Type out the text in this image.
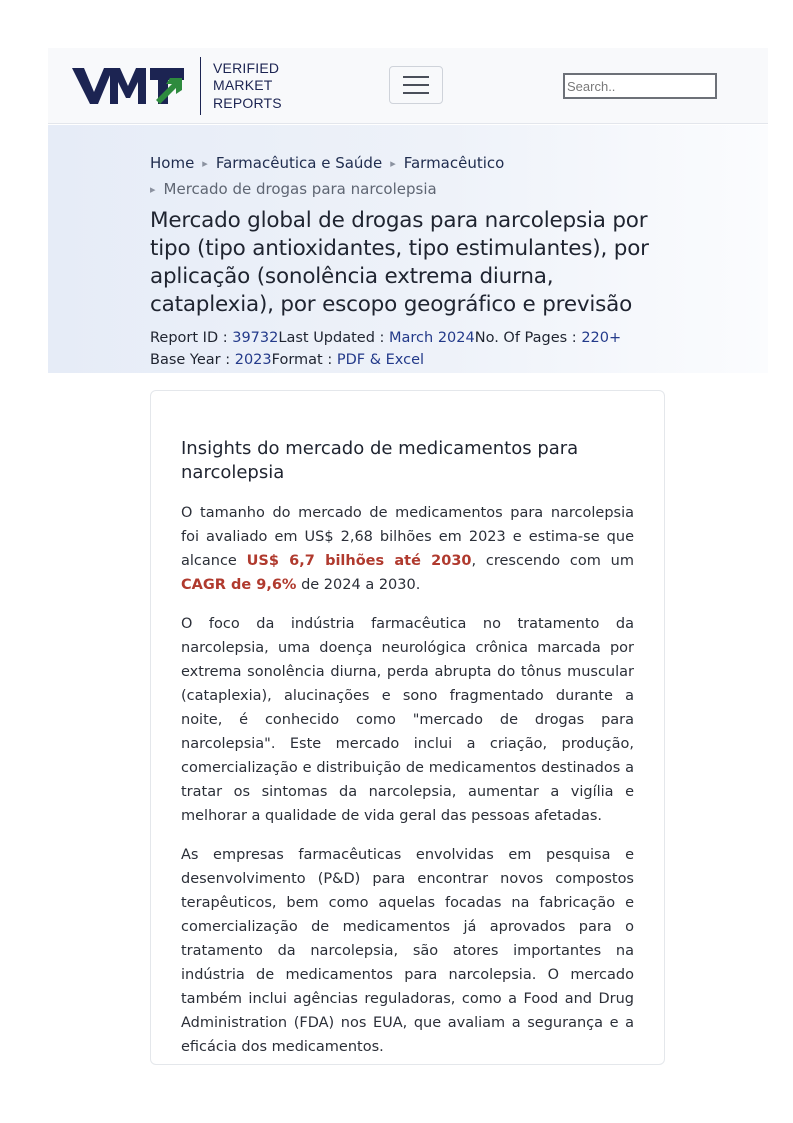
VERIFIED
MARKET
REPORTS
Search..
Home ▸ Farmacêutica e Saúde ▸ Farmacêutico
▸ Mercado de drogas para narcolepsia
Mercado global de drogas para narcolepsia por tipo (tipo antioxidantes, tipo estimulantes), por aplicação (sonolência extrema diurna, cataplexia), por escopo geográfico e previsão
Report ID : 39732Last Updated : March 2024No. Of Pages : 220+
Base Year : 2023Format : PDF & Excel
Insights do mercado de medicamentos para narcolepsia

O tamanho do mercado de medicamentos para narcolepsia foi avaliado em US$ 2,68 bilhões em 2023 e estima-se que alcance US$ 6,7 bilhões até 2030, crescendo com um CAGR de 9,6% de 2024 a 2030.

O foco da indústria farmacêutica no tratamento da narcolepsia, uma doença neurológica crônica marcada por extrema sonolência diurna, perda abrupta do tônus muscular (cataplexia), alucinações e sono fragmentado durante a noite, é conhecido como "mercado de drogas para narcolepsia". Este mercado inclui a criação, produção, comercialização e distribuição de medicamentos destinados a tratar os sintomas da narcolepsia, aumentar a vigília e melhorar a qualidade de vida geral das pessoas afetadas.

As empresas farmacêuticas envolvidas em pesquisa e desenvolvimento (P&D) para encontrar novos compostos terapêuticos, bem como aquelas focadas na fabricação e comercialização de medicamentos já aprovados para o tratamento da narcolepsia, são atores importantes na indústria de medicamentos para narcolepsia. O mercado também inclui agências reguladoras, como a Food and Drug Administration (FDA) nos EUA, que avaliam a segurança e a eficácia dos medicamentos.
